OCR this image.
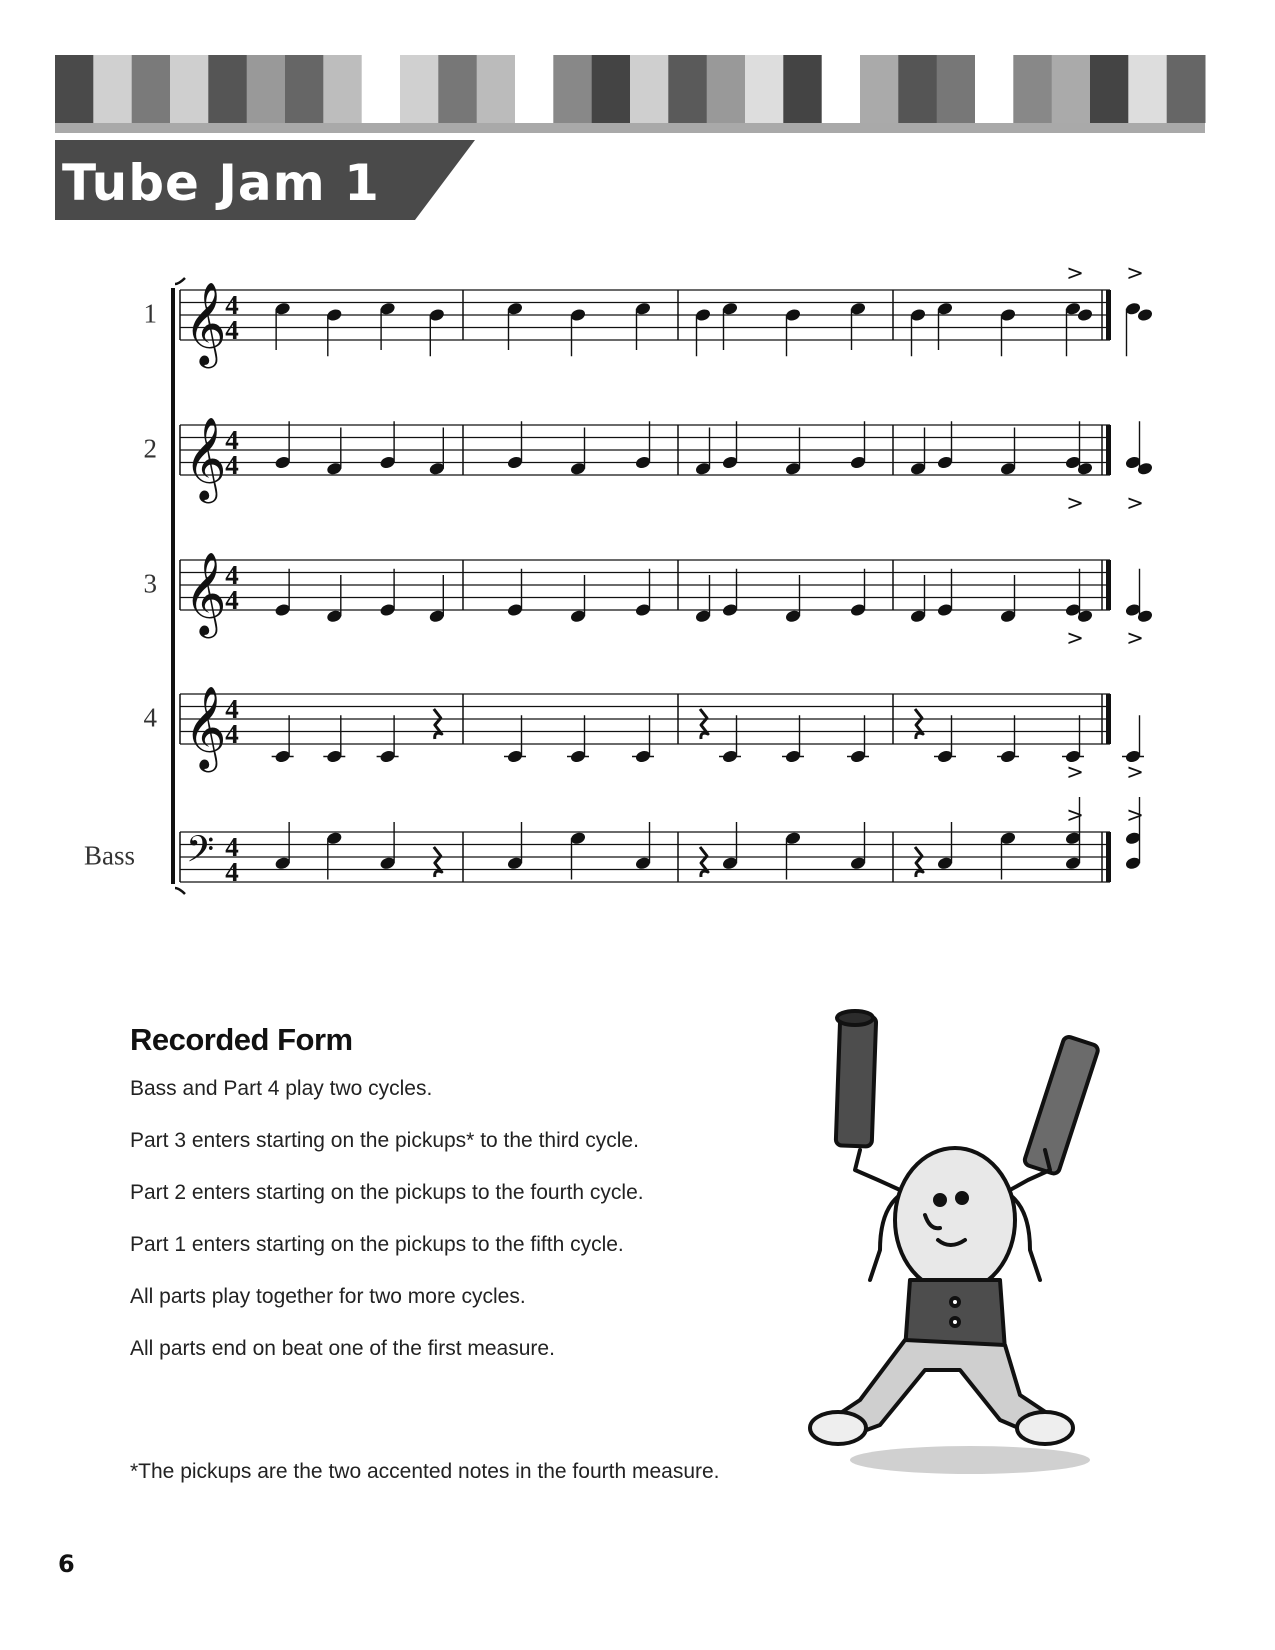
Tube Jam 1
1 𝄞
4
4
> >
2 𝄞
4
4
> >
3 𝄞
4
4
> >
4 𝄞
4
4
> >
Bass 𝄢 4
4
> >
Recorded Form

Bass and Part 4 play two cycles.

Part 3 enters starting on the pickups* to the third cycle.

Part 2 enters starting on the pickups to the fourth cycle.

Part 1 enters starting on the pickups to the fifth cycle.

All parts play together for two more cycles.

All parts end on beat one of the first measure.

*The pickups are the two accented notes in the fourth measure.

6
